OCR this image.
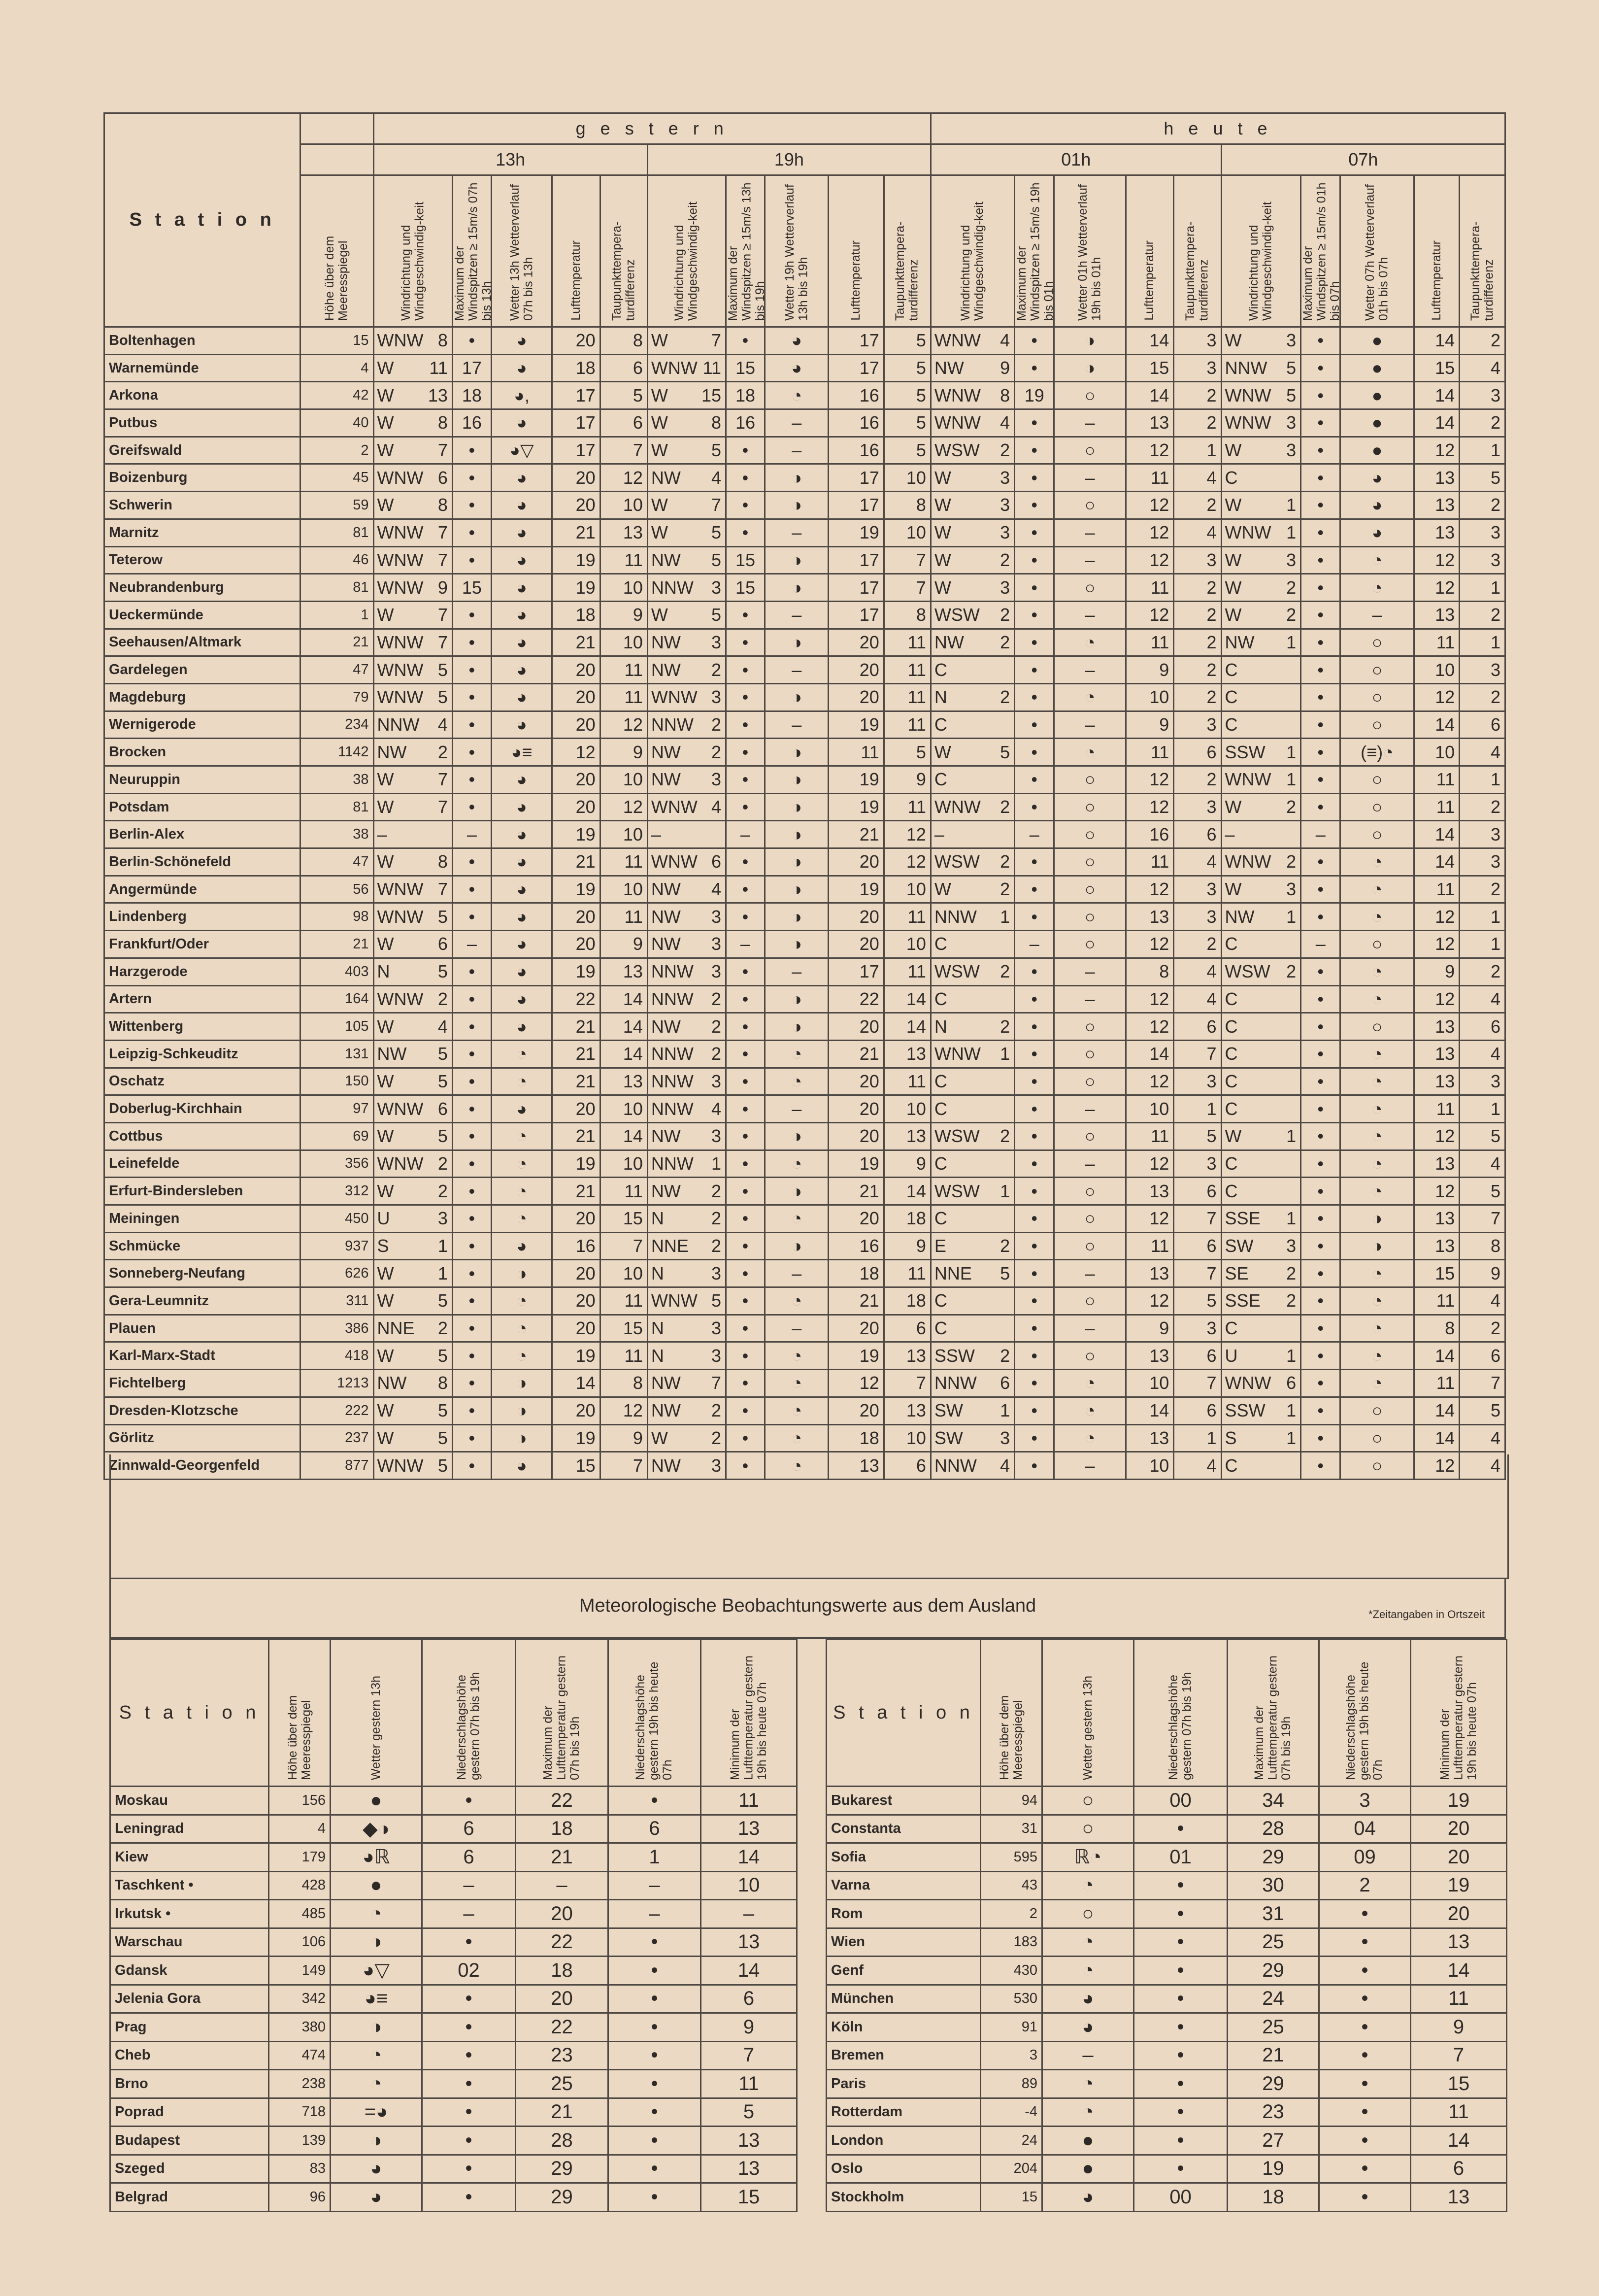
S t a t i o n		g e s t e r n												h e u t e											
		13h						19h						01h						07h					
	Höhe über dem Meeresspiegel	Windrichtung und Windgeschwindig-keit		Maximum der Windspitzen ≥ 15m/s 07h bis 13h	Wetter 13h Wetterverlauf 07h bis 13h	Lufttemperatur	Taupunkttempera-turdifferenz	Windrichtung und Windgeschwindig-keit		Maximum der Windspitzen ≥ 15m/s 13h bis 19h	Wetter 19h Wetterverlauf 13h bis 19h	Lufttemperatur	Taupunkttempera-turdifferenz	Windrichtung und Windgeschwindig-keit		Maximum der Windspitzen ≥ 15m/s 19h bis 01h	Wetter 01h Wetterverlauf 19h bis 01h	Lufttemperatur	Taupunkttempera-turdifferenz	Windrichtung und Windgeschwindig-keit		Maximum der Windspitzen ≥ 15m/s 01h bis 07h	Wetter 07h Wetterverlauf 01h bis 07h	Lufttemperatur	Taupunkttempera-turdifferenz
Boltenhagen	15	WNW	8	•	◕	20	8	W	7	•	◕	17	5	WNW	4	•	◑	14	3	W	3	•	●	14	2
Warnemünde	4	W	11	17	◕	18	6	WNW	11	15	◕	17	5	NW	9	•	◑	15	3	NNW	5	•	●	15	4
Arkona	42	W	13	18	◕,	17	5	W	15	18	◔	16	5	WNW	8	19	○	14	2	WNW	5	•	●	14	3
Putbus	40	W	8	16	◕	17	6	W	8	16	–	16	5	WNW	4	•	–	13	2	WNW	3	•	●	14	2
Greifswald	2	W	7	•	◕▽	17	7	W	5	•	–	16	5	WSW	2	•	○	12	1	W	3	•	●	12	1
Boizenburg	45	WNW	6	•	◕	20	12	NW	4	•	◑	17	10	W	3	•	–	11	4	C		•	◕	13	5
Schwerin	59	W	8	•	◕	20	10	W	7	•	◑	17	8	W	3	•	○	12	2	W	1	•	◕	13	2
Marnitz	81	WNW	7	•	◕	21	13	W	5	•	–	19	10	W	3	•	–	12	4	WNW	1	•	◕	13	3
Teterow	46	WNW	7	•	◕	19	11	NW	5	15	◑	17	7	W	2	•	–	12	3	W	3	•	◔	12	3
Neubrandenburg	81	WNW	9	15	◕	19	10	NNW	3	15	◑	17	7	W	3	•	○	11	2	W	2	•	◔	12	1
Ueckermünde	1	W	7	•	◕	18	9	W	5	•	–	17	8	WSW	2	•	–	12	2	W	2	•	–	13	2
Seehausen/Altmark	21	WNW	7	•	◕	21	10	NW	3	•	◑	20	11	NW	2	•	◔	11	2	NW	1	•	○	11	1
Gardelegen	47	WNW	5	•	◕	20	11	NW	2	•	–	20	11	C		•	–	9	2	C		•	○	10	3
Magdeburg	79	WNW	5	•	◕	20	11	WNW	3	•	◑	20	11	N	2	•	◔	10	2	C		•	○	12	2
Wernigerode	234	NNW	4	•	◕	20	12	NNW	2	•	–	19	11	C		•	–	9	3	C		•	○	14	6
Brocken	1142	NW	2	•	◕≡	12	9	NW	2	•	◑	11	5	W	5	•	◔	11	6	SSW	1	•	(≡)◔	10	4
Neuruppin	38	W	7	•	◕	20	10	NW	3	•	◑	19	9	C		•	○	12	2	WNW	1	•	○	11	1
Potsdam	81	W	7	•	◕	20	12	WNW	4	•	◑	19	11	WNW	2	•	○	12	3	W	2	•	○	11	2
Berlin-Alex	38	–		–	◕	19	10	–		–	◑	21	12	–		–	○	16	6	–		–	○	14	3
Berlin-Schönefeld	47	W	8	•	◕	21	11	WNW	6	•	◑	20	12	WSW	2	•	○	11	4	WNW	2	•	◔	14	3
Angermünde	56	WNW	7	•	◕	19	10	NW	4	•	◑	19	10	W	2	•	○	12	3	W	3	•	◔	11	2
Lindenberg	98	WNW	5	•	◕	20	11	NW	3	•	◑	20	11	NNW	1	•	○	13	3	NW	1	•	◔	12	1
Frankfurt/Oder	21	W	6	–	◕	20	9	NW	3	–	◑	20	10	C		–	○	12	2	C		–	○	12	1
Harzgerode	403	N	5	•	◕	19	13	NNW	3	•	–	17	11	WSW	2	•	–	8	4	WSW	2	•	◔	9	2
Artern	164	WNW	2	•	◕	22	14	NNW	2	•	◑	22	14	C		•	–	12	4	C		•	◔	12	4
Wittenberg	105	W	4	•	◕	21	14	NW	2	•	◑	20	14	N	2	•	○	12	6	C		•	○	13	6
Leipzig-Schkeuditz	131	NW	5	•	◔	21	14	NNW	2	•	◔	21	13	WNW	1	•	○	14	7	C		•	◔	13	4
Oschatz	150	W	5	•	◔	21	13	NNW	3	•	◔	20	11	C		•	○	12	3	C		•	◔	13	3
Doberlug-Kirchhain	97	WNW	6	•	◕	20	10	NNW	4	•	–	20	10	C		•	–	10	1	C		•	◔	11	1
Cottbus	69	W	5	•	◔	21	14	NW	3	•	◑	20	13	WSW	2	•	○	11	5	W	1	•	◔	12	5
Leinefelde	356	WNW	2	•	◔	19	10	NNW	1	•	◔	19	9	C		•	–	12	3	C		•	◔	13	4
Erfurt-Bindersleben	312	W	2	•	◔	21	11	NW	2	•	◑	21	14	WSW	1	•	○	13	6	C		•	◔	12	5
Meiningen	450	U	3	•	◔	20	15	N	2	•	◔	20	18	C		•	○	12	7	SSE	1	•	◑	13	7
Schmücke	937	S	1	•	◕	16	7	NNE	2	•	◑	16	9	E	2	•	○	11	6	SW	3	•	◑	13	8
Sonneberg-Neufang	626	W	1	•	◑	20	10	N	3	•	–	18	11	NNE	5	•	–	13	7	SE	2	•	◔	15	9
Gera-Leumnitz	311	W	5	•	◔	20	11	WNW	5	•	◔	21	18	C		•	○	12	5	SSE	2	•	◔	11	4
Plauen	386	NNE	2	•	◔	20	15	N	3	•	–	20	6	C		•	–	9	3	C		•	◔	8	2
Karl-Marx-Stadt	418	W	5	•	◔	19	11	N	3	•	◔	19	13	SSW	2	•	○	13	6	U	1	•	◔	14	6
Fichtelberg	1213	NW	8	•	◑	14	8	NW	7	•	◔	12	7	NNW	6	•	◔	10	7	WNW	6	•	◔	11	7
Dresden-Klotzsche	222	W	5	•	◑	20	12	NW	2	•	◔	20	13	SW	1	•	◔	14	6	SSW	1	•	○	14	5
Görlitz	237	W	5	•	◑	19	9	W	2	•	◔	18	10	SW	3	•	◔	13	1	S	1	•	○	14	4
Zinnwald-Georgenfeld	877	WNW	5	•	◕	15	7	NW	3	•	◔	13	6	NNW	4	•	–	10	4	C		•	○	12	4
Meteorologische Beobachtungswerte aus dem Ausland	*Zeitangaben in Ortszeit
S t a t i o n	Höhe über dem Meeresspiegel	Wetter gestern 13h	Niederschlagshöhe gestern 07h bis 19h	Maximum der Lufttemperatur gestern 07h bis 19h	Niederschlagshöhe gestern 19h bis heute 07h	Minimum der Lufttemperatur gestern 19h bis heute 07h
Moskau	156	●	•	22	•	11
Leningrad	4	◆◑	6	18	6	13
Kiew	179	◕ℝ	6	21	1	14
Taschkent •	428	●	–	–	–	10
Irkutsk •	485	◔	–	20	–	–
Warschau	106	◑	•	22	•	13
Gdansk	149	◕▽	02	18	•	14
Jelenia Gora	342	◕≡	•	20	•	6
Prag	380	◑	•	22	•	9
Cheb	474	◔	•	23	•	7
Brno	238	◔	•	25	•	11
Poprad	718	=◕	•	21	•	5
Budapest	139	◑	•	28	•	13
Szeged	83	◕	•	29	•	13
Belgrad	96	◕	•	29	•	15
S t a t i o n	Höhe über dem Meeresspiegel	Wetter gestern 13h	Niederschlagshöhe gestern 07h bis 19h	Maximum der Lufttemperatur gestern 07h bis 19h	Niederschlagshöhe gestern 19h bis heute 07h	Minimum der Lufttemperatur gestern 19h bis heute 07h
Bukarest	94	○	00	34	3	19
Constanta	31	○	•	28	04	20
Sofia	595	ℝ◔	01	29	09	20
Varna	43	◔	•	30	2	19
Rom	2	○	•	31	•	20
Wien	183	◔	•	25	•	13
Genf	430	◔	•	29	•	14
München	530	◕	•	24	•	11
Köln	91	◕	•	25	•	9
Bremen	3	–	•	21	•	7
Paris	89	◔	•	29	•	15
Rotterdam	-4	◔	•	23	•	11
London	24	●	•	27	•	14
Oslo	204	●	•	19	•	6
Stockholm	15	◕	00	18	•	13
